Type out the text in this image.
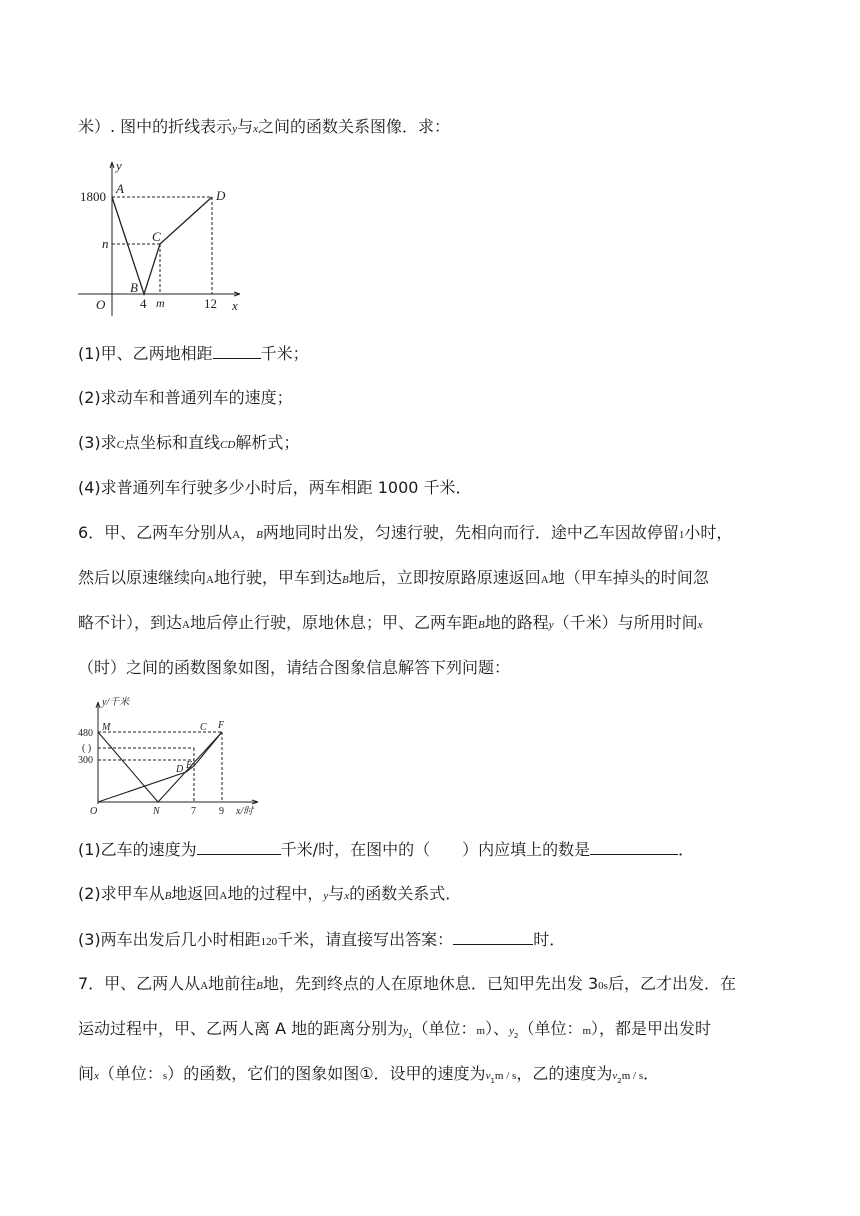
米）. 图中的折线表示y与x之间的函数关系图像．求：
1800
n
4 m	12
O	x
y
A
B
C
D
(1)甲、乙两地相距	千米；
(2)求动车和普通列车的速度；
(3)求C点坐标和直线CD解析式；
(4)求普通列车行驶多少小时后，两车相距 1000 千米．
6．甲、乙两车分别从A，B两地同时出发，匀速行驶，先相向而行．途中乙车因故停留1小时，
然后以原速继续向A地行驶，甲车到达B地后，立即按原路原速返回A地（甲车掉头的时间忽
略不计），到达A地后停止行驶，原地休息；甲、乙两车距B地的路程y（千米）与所用时间x
（时）之间的函数图象如图，请结合图象信息解答下列问题：
y/千米
480
( )
300
O	N	7 9 x/时
M	C F
D E
(1)乙车的速度为	千米/时，在图中的（　　）内应填上的数是	．
(2)求甲车从B地返回A地的过程中，y与x的函数关系式．
(3)两车出发后几小时相距120千米，请直接写出答案：	时．
7．甲、乙两人从A地前往B地，先到终点的人在原地休息．已知甲先出发 30s后，乙才出发．在
运动过程中，甲、乙两人离 A 地的距离分别为$y_1$（单位：m）、$y_2$（单位：m），都是甲出发时
间x（单位：s）的函数，它们的图象如图①．设甲的速度为$v_1m$ / s，乙的速度为$v_2m$ / s．
